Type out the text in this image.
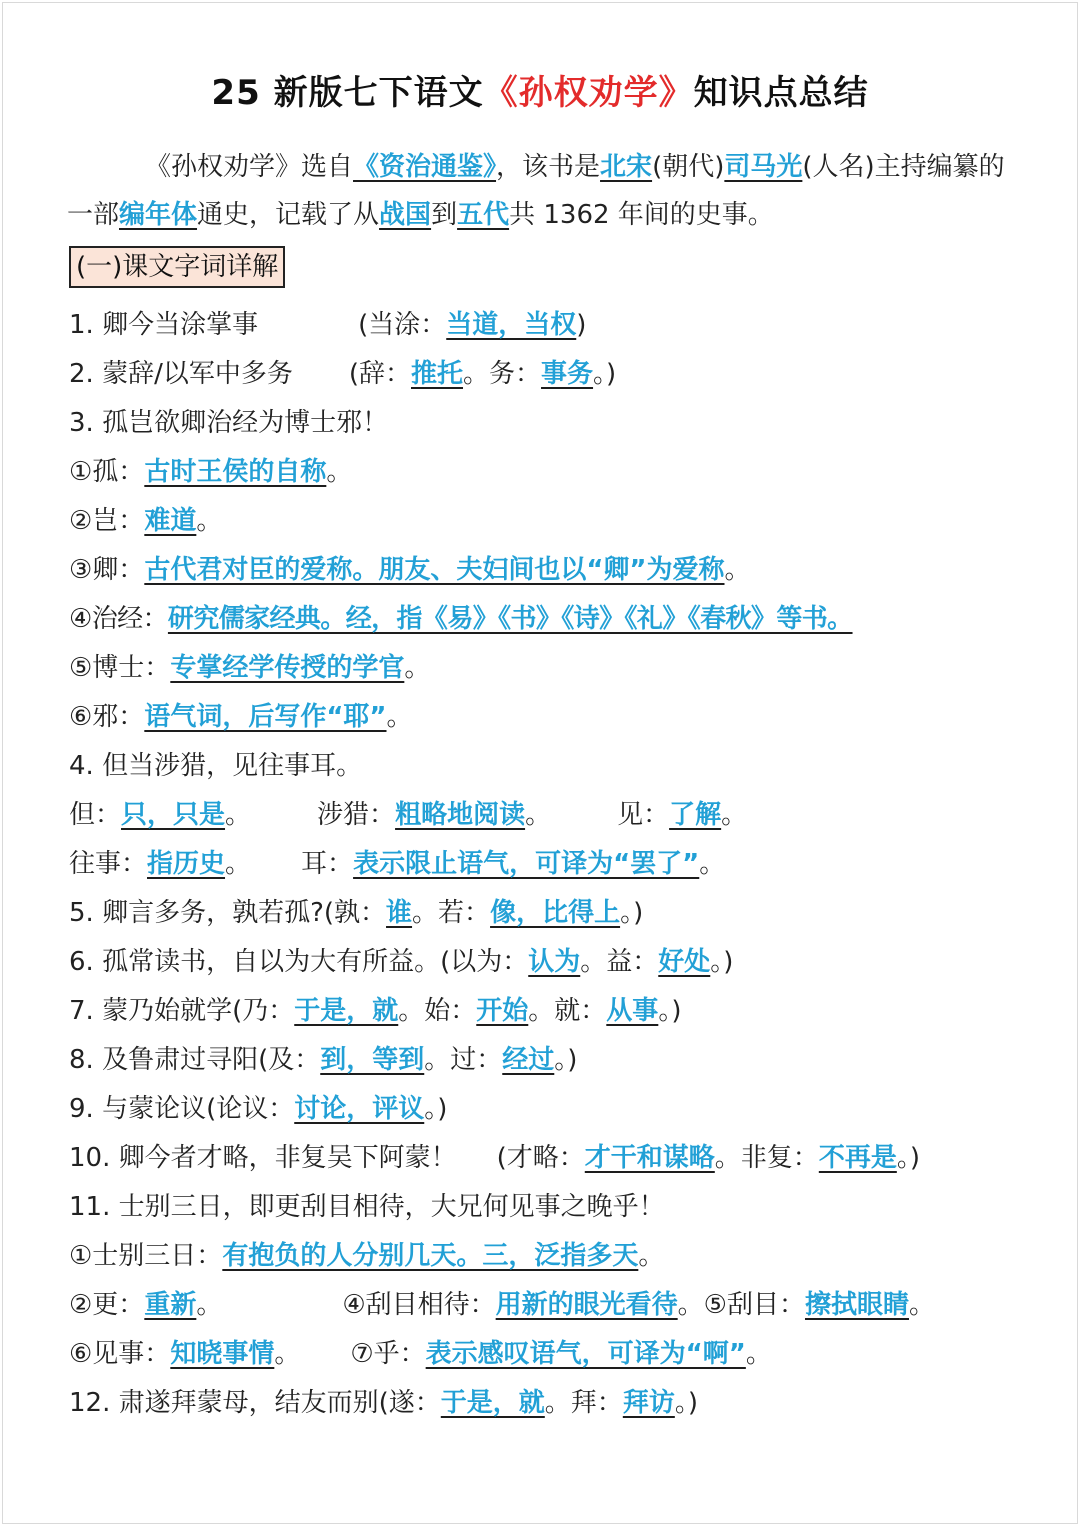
25 新版七下语文《孙权劝学》知识点总结
《孙权劝学》选自《资治通鉴》，该书是北宋(朝代)司马光(人名)主持编纂的一部编年体通史，记载了从战国到五代共 1362 年间的史事。
(一)课文字词详解
1. 卿今当涂掌事	(当涂：当道，当权)
2. 蒙辞/以军中多务 (辞：推托。务：事务。)
3. 孤岂欲卿治经为博士邪！
①孤：古时王侯的自称。
②岂：难道。
③卿：古代君对臣的爱称。朋友、夫妇间也以“卿”为爱称。
④治经：研究儒家经典。经，指《易》《书》《诗》《礼》《春秋》等书。
⑤博士：专掌经学传授的学官。
⑥邪：语气词，后写作“耶”。
4. 但当涉猎，见往事耳。
但：只，只是。	涉猎：粗略地阅读。	见：了解。
往事：指历史。 耳：表示限止语气，可译为“罢了”。
5. 卿言多务，孰若孤?(孰：谁。若：像，比得上。)
6. 孤常读书，自以为大有所益。(以为：认为。益：好处。)
7. 蒙乃始就学(乃：于是，就。始：开始。就：从事。)
8. 及鲁肃过寻阳(及：到，等到。过：经过。)
9. 与蒙论议(论议：讨论，评议。)
10. 卿今者才略，非复吴下阿蒙！ (才略：才干和谋略。非复：不再是。)
11. 士别三日，即更刮目相待，大兄何见事之晚乎！
①士别三日：有抱负的人分别几天。三，泛指多天。
②更：重新。	④刮目相待：用新的眼光看待。⑤刮目：擦拭眼睛。
⑥见事：知晓事情。 ⑦乎：表示感叹语气，可译为“啊”。
12. 肃遂拜蒙母，结友而别(遂：于是，就。拜：拜访。)
